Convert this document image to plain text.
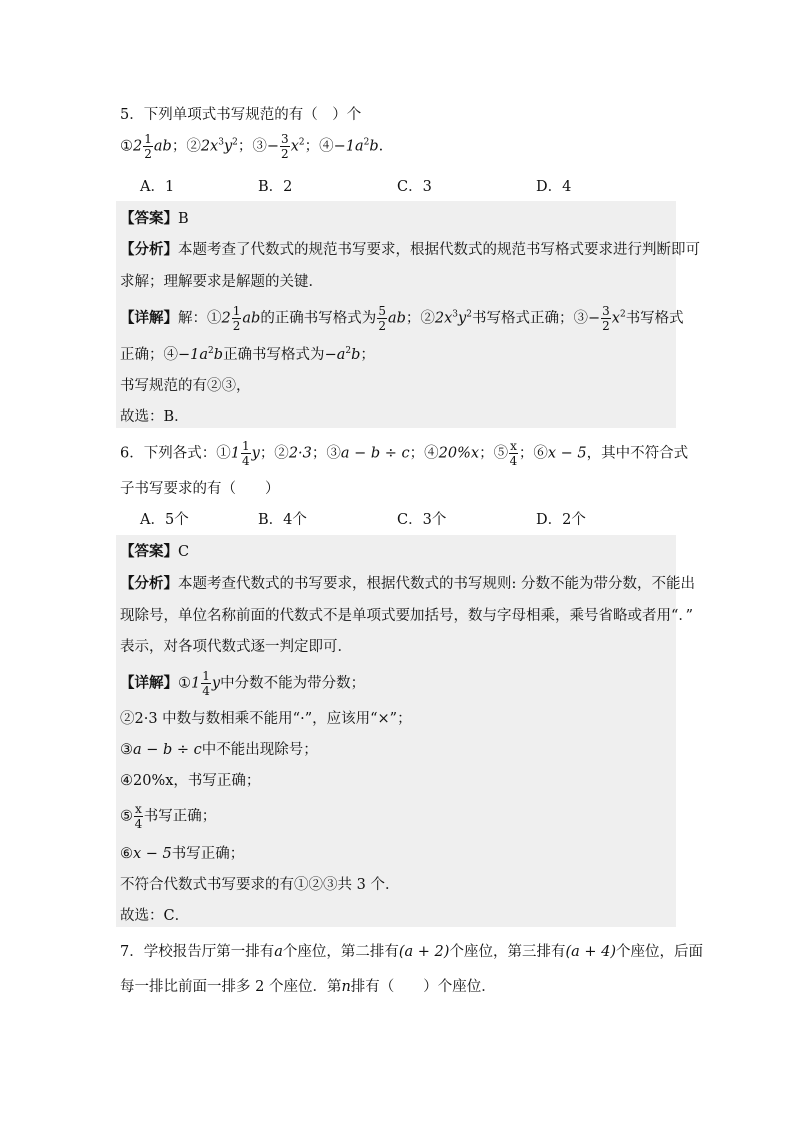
5．下列单项式书写规范的有（　）个
①2 $\frac{1}{2}$ ab；$②2x^3y^2$；③− $\frac{3}{2} x^2$；$④-1a^2b$.
A．1	B．2	C．3	D．4
【答案】B
【分析】本题考查了代数式的规范书写要求，根据代数式的规范书写格式要求进行判断即可
求解；理解要求是解题的关键．
【详解】解：①2 $\frac{1}{2}$ ab的正确书写格式为 $\frac{5}{2}$ ab；$②2x^3y^2$书写格式正确；③− $\frac{3}{2} x^2$书写格式
正确；$④-1a^2b$正确书写格式为$-a^2b$；
书写规范的有②③，
故选：B．
6．下列各式：①1 $\frac{1}{4}$ y；②2·3；③a − b ÷ c；④20%x；⑤ $\frac{x}{4}$ ；⑥x − 5，其中不符合式
子书写要求的有（　　）
A．5个	B．4个	C．3个	D．2个
【答案】C
【分析】本题考查代数式的书写要求，根据代数式的书写规则: 分数不能为带分数，不能出
现除号，单位名称前面的代数式不是单项式要加括号，数与字母相乘，乘号省略或者用“．”
表示，对各项代数式逐一判定即可．
【详解】①1 $\frac{1}{4}$ y中分数不能为带分数；
②2·3 中数与数相乘不能用“·”，应该用“×”；
③a − b ÷ c中不能出现除号；
④20%x，书写正确；
⑤ $\frac{x}{4}$ 书写正确；
⑥x − 5书写正确；
不符合代数式书写要求的有①②③共 3 个．
故选：C．
7．学校报告厅第一排有a个座位，第二排有(a + 2)个座位，第三排有(a + 4)个座位，后面
每一排比前面一排多 2 个座位．第n排有（　　）个座位．
